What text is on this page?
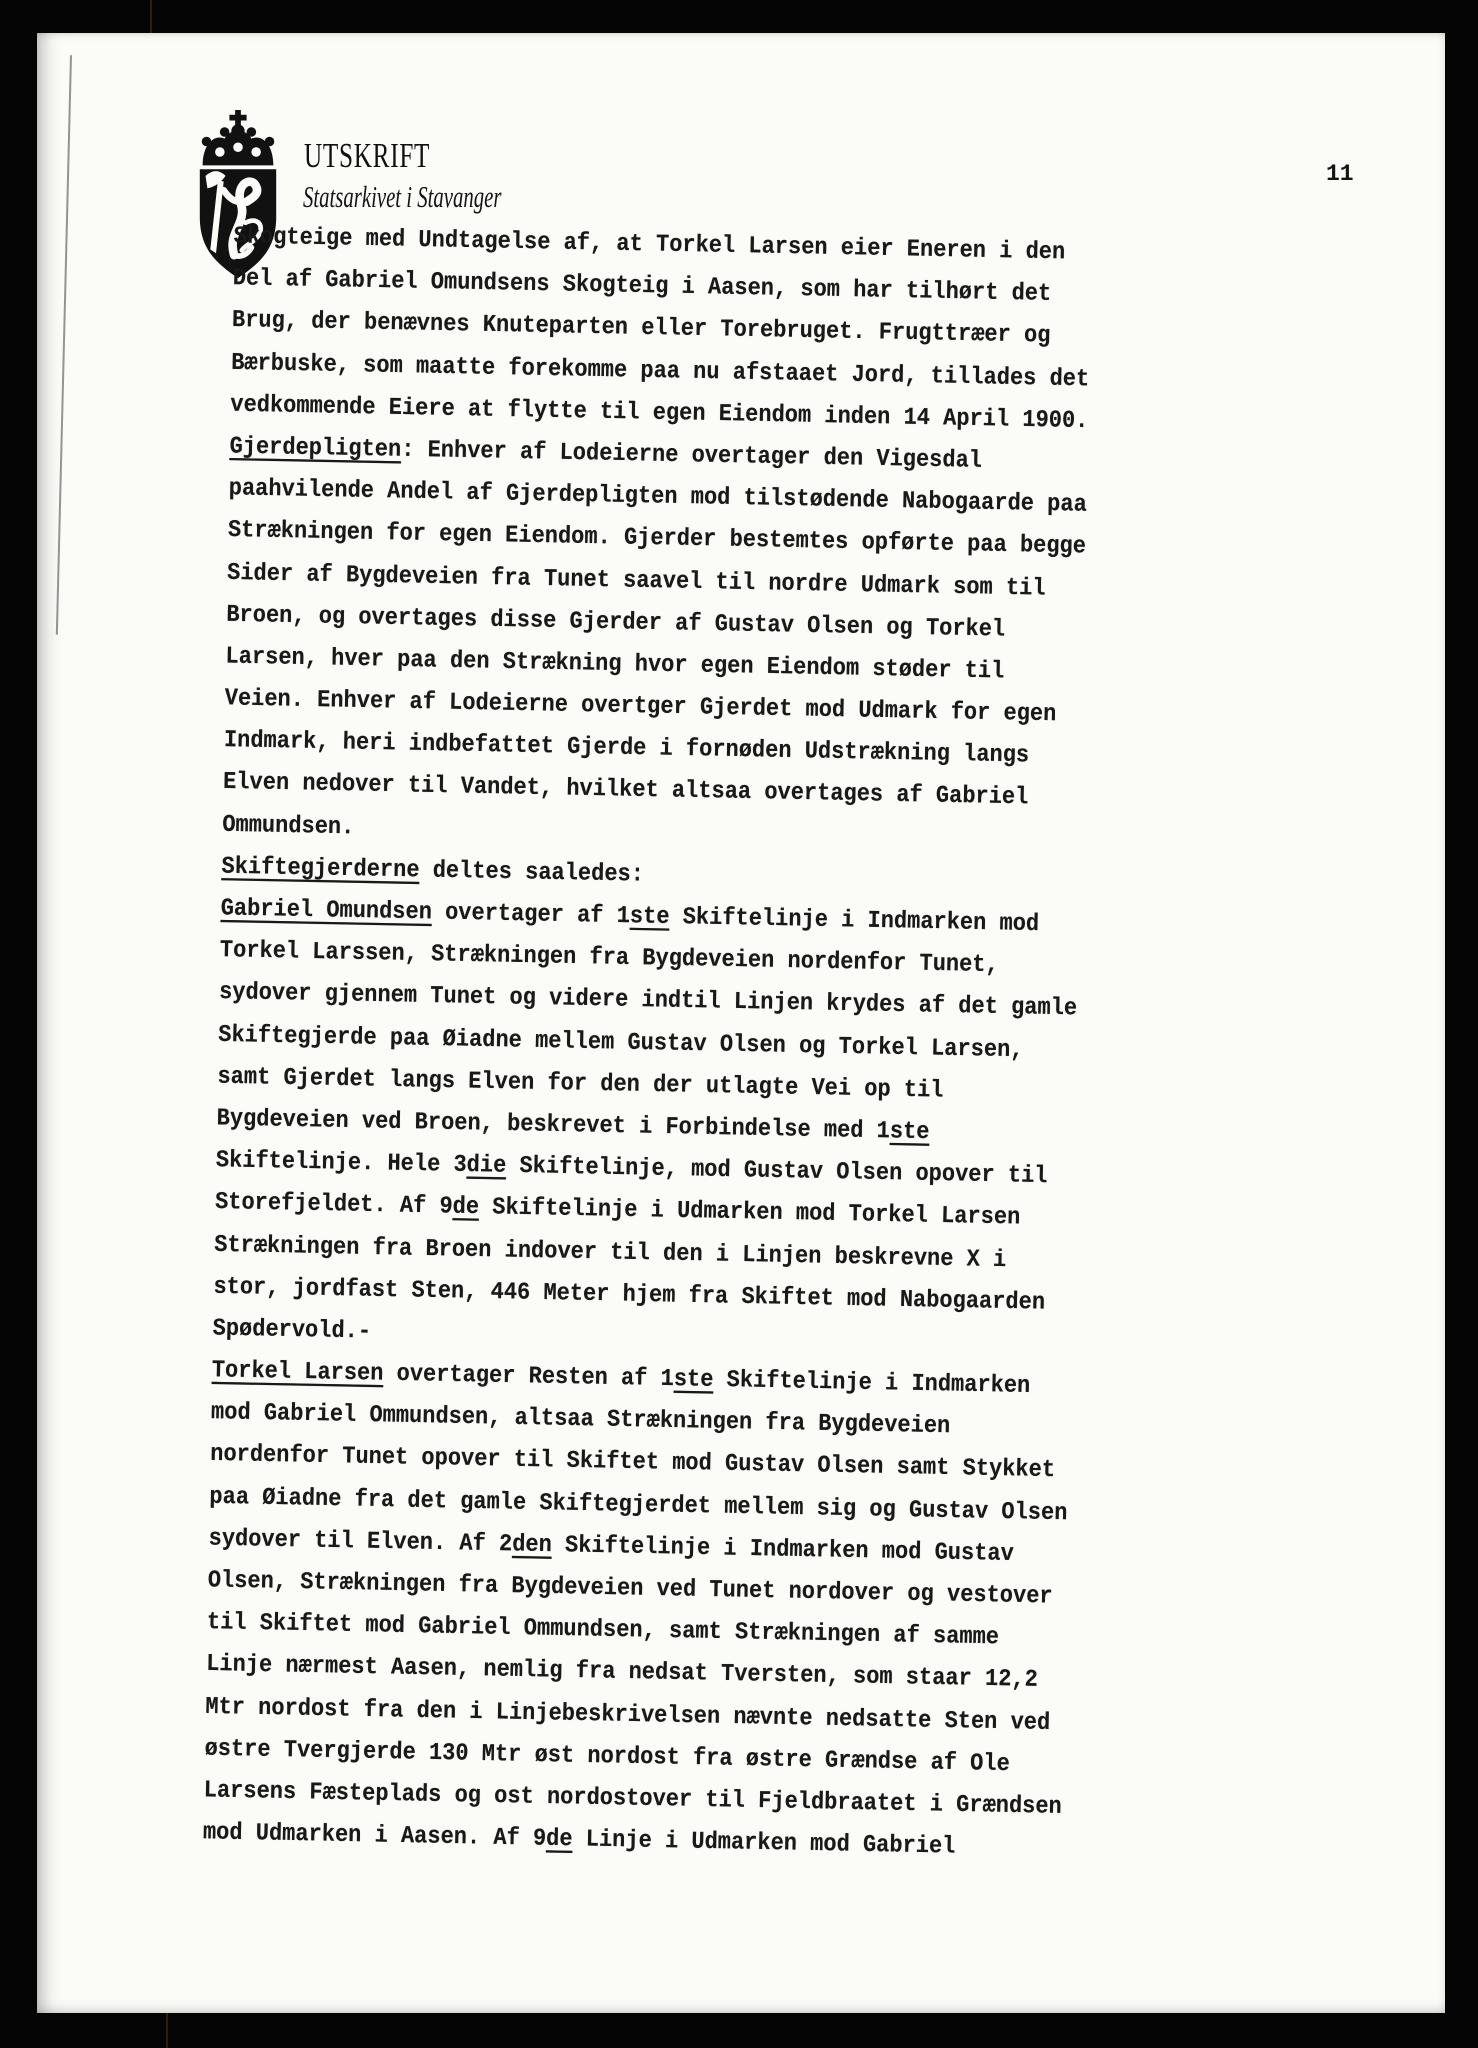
UTSKRIFT
Statsarkivet i Stavanger
11
Skogteige med Undtagelse af, at Torkel Larsen eier Eneren i den
Del af Gabriel Omundsens Skogteig i Aasen, som har tilhørt det
Brug, der benævnes Knuteparten eller Torebruget. Frugttræer og
Bærbuske, som maatte forekomme paa nu afstaaet Jord, tillades det
vedkommende Eiere at flytte til egen Eiendom inden 14 April 1900.
Gjerdepligten: Enhver af Lodeierne overtager den Vigesdal
paahvilende Andel af Gjerdepligten mod tilstødende Nabogaarde paa
Strækningen for egen Eiendom. Gjerder bestemtes opførte paa begge
Sider af Bygdeveien fra Tunet saavel til nordre Udmark som til
Broen, og overtages disse Gjerder af Gustav Olsen og Torkel
Larsen, hver paa den Strækning hvor egen Eiendom støder til
Veien. Enhver af Lodeierne overtger Gjerdet mod Udmark for egen
Indmark, heri indbefattet Gjerde i fornøden Udstrækning langs
Elven nedover til Vandet, hvilket altsaa overtages af Gabriel
Ommundsen.
Skiftegjerderne deltes saaledes:
Gabriel Omundsen overtager af 1ste Skiftelinje i Indmarken mod
Torkel Larssen, Strækningen fra Bygdeveien nordenfor Tunet,
sydover gjennem Tunet og videre indtil Linjen krydes af det gamle
Skiftegjerde paa Øiadne mellem Gustav Olsen og Torkel Larsen,
samt Gjerdet langs Elven for den der utlagte Vei op til
Bygdeveien ved Broen, beskrevet i Forbindelse med 1ste
Skiftelinje. Hele 3die Skiftelinje, mod Gustav Olsen opover til
Storefjeldet. Af 9de Skiftelinje i Udmarken mod Torkel Larsen
Strækningen fra Broen indover til den i Linjen beskrevne X i
stor, jordfast Sten, 446 Meter hjem fra Skiftet mod Nabogaarden
Spødervold.-
Torkel Larsen overtager Resten af 1ste Skiftelinje i Indmarken
mod Gabriel Ommundsen, altsaa Strækningen fra Bygdeveien
nordenfor Tunet opover til Skiftet mod Gustav Olsen samt Stykket
paa Øiadne fra det gamle Skiftegjerdet mellem sig og Gustav Olsen
sydover til Elven. Af 2den Skiftelinje i Indmarken mod Gustav
Olsen, Strækningen fra Bygdeveien ved Tunet nordover og vestover
til Skiftet mod Gabriel Ommundsen, samt Strækningen af samme
Linje nærmest Aasen, nemlig fra nedsat Tversten, som staar 12,2
Mtr nordost fra den i Linjebeskrivelsen nævnte nedsatte Sten ved
østre Tvergjerde 130 Mtr øst nordost fra østre Grændse af Ole
Larsens Fæsteplads og ost nordostover til Fjeldbraatet i Grændsen
mod Udmarken i Aasen. Af 9de Linje i Udmarken mod Gabriel
